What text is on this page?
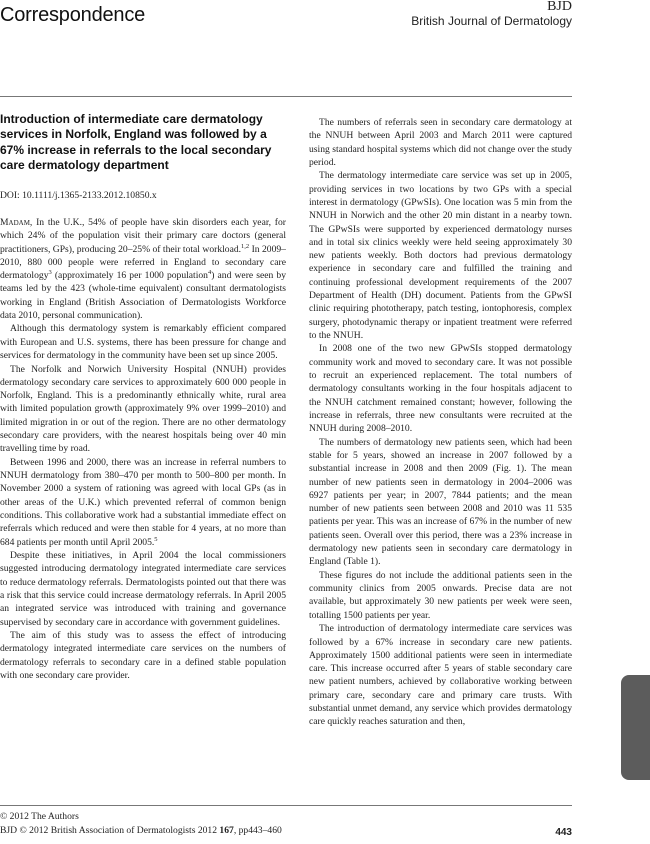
Correspondence	BJD
British Journal of Dermatology
Introduction of intermediate care dermatology services in Norfolk, England was followed by a 67% increase in referrals to the local secondary care dermatology department
DOI: 10.1111/j.1365-2133.2012.10850.x

Madam, In the U.K., 54% of people have skin disorders each year, for which 24% of the population visit their primary care doctors (general practitioners, GPs), producing 20–25% of their total workload.$^{1,2}$ In 2009–2010, 880 000 people were referred in England to secondary care dermatology$^3$ (approximately 16 per 1000 population$^4$) and were seen by teams led by the 423 (whole-time equivalent) consultant dermatologists working in England (British Association of Dermatologists Workforce data 2010, personal communication).

Although this dermatology system is remarkably efficient compared with European and U.S. systems, there has been pressure for change and services for dermatology in the community have been set up since 2005.

The Norfolk and Norwich University Hospital (NNUH) provides dermatology secondary care services to approximately 600 000 people in Norfolk, England. This is a predominantly ethnically white, rural area with limited population growth (approximately 9% over 1999–2010) and limited migration in or out of the region. There are no other dermatology secondary care providers, with the nearest hospitals being over 40 min travelling time by road.

Between 1996 and 2000, there was an increase in referral numbers to NNUH dermatology from 380–470 per month to 500–800 per month. In November 2000 a system of rationing was agreed with local GPs (as in other areas of the U.K.) which prevented referral of common benign conditions. This collaborative work had a substantial immediate effect on referrals which reduced and were then stable for 4 years, at no more than 684 patients per month until April 2005.$^5$

Despite these initiatives, in April 2004 the local commissioners suggested introducing dermatology integrated intermediate care services to reduce dermatology referrals. Dermatologists pointed out that there was a risk that this service could increase dermatology referrals. In April 2005 an integrated service was introduced with training and governance supervised by secondary care in accordance with government guidelines.

The aim of this study was to assess the effect of introducing dermatology integrated intermediate care services on the numbers of dermatology referrals to secondary care in a defined stable population with one secondary care provider.

The numbers of referrals seen in secondary care dermatology at the NNUH between April 2003 and March 2011 were captured using standard hospital systems which did not change over the study period.

The dermatology intermediate care service was set up in 2005, providing services in two locations by two GPs with a special interest in dermatology (GPwSIs). One location was 5 min from the NNUH in Norwich and the other 20 min distant in a nearby town. The GPwSIs were supported by experienced dermatology nurses and in total six clinics weekly were held seeing approximately 30 new patients weekly. Both doctors had previous dermatology experience in secondary care and fulfilled the training and continuing professional development requirements of the 2007 Department of Health (DH) document. Patients from the GPwSI clinic requiring phototherapy, patch testing, iontophoresis, complex surgery, photodynamic therapy or inpatient treatment were referred to the NNUH.

In 2008 one of the two new GPwSIs stopped dermatology community work and moved to secondary care. It was not possible to recruit an experienced replacement. The total numbers of dermatology consultants working in the four hospitals adjacent to the NNUH catchment remained constant; however, following the increase in referrals, three new consultants were recruited at the NNUH during 2008–2010.

The numbers of dermatology new patients seen, which had been stable for 5 years, showed an increase in 2007 followed by a substantial increase in 2008 and then 2009 (Fig. 1). The mean number of new patients seen in dermatology in 2004–2006 was 6927 patients per year; in 2007, 7844 patients; and the mean number of new patients seen between 2008 and 2010 was 11 535 patients per year. This was an increase of 67% in the number of new patients seen. Overall over this period, there was a 23% increase in dermatology new patients seen in secondary care dermatology in England (Table 1).

These figures do not include the additional patients seen in the community clinics from 2005 onwards. Precise data are not available, but approximately 30 new patients per week were seen, totalling 1500 patients per year.

The introduction of dermatology intermediate care services was followed by a 67% increase in secondary care new patients. Approximately 1500 additional patients were seen in intermediate care. This increase occurred after 5 years of stable secondary care new patient numbers, achieved by collaborative working between primary care, secondary care and primary care trusts. With substantial unmet demand, any service which provides dermatology care quickly reaches saturation and then,

© 2012 The Authors
BJD © 2012 British Association of Dermatologists 2012 167, pp443–460	443
